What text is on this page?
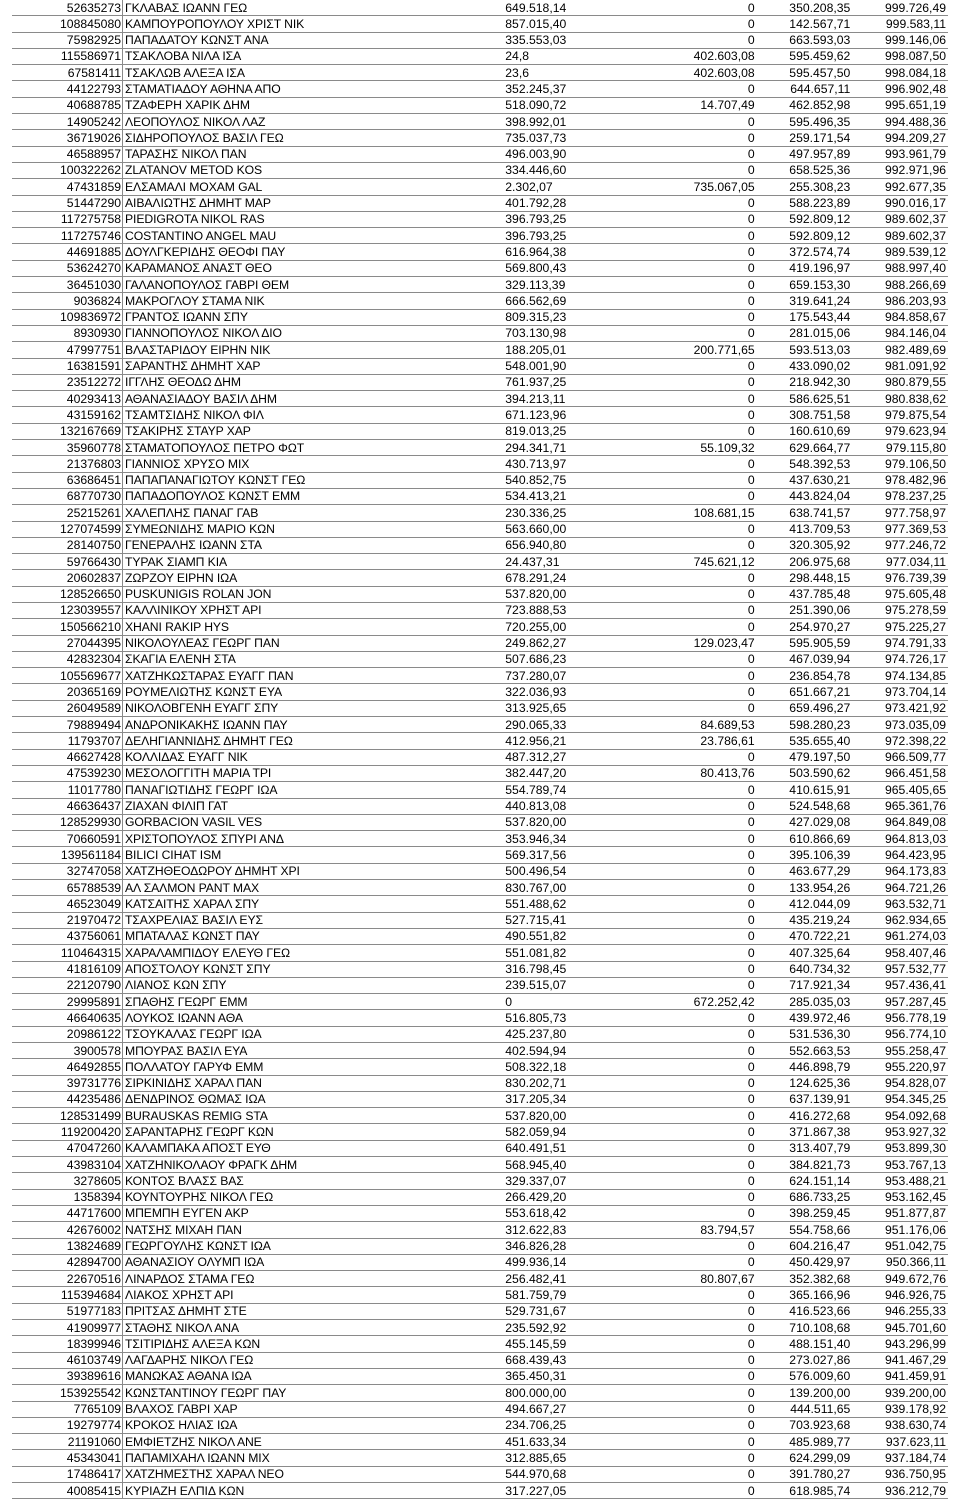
52635273	ΓΚΛΑΒΑΣ ΙΩΑΝΝ ΓΕΩ	649.518,14	0	350.208,35	999.726,49
108845080	ΚΑΜΠΟΥΡΟΠΟΥΛΟΥ ΧΡΙΣΤ ΝΙΚ	857.015,40	0	142.567,71	999.583,11
75982925	ΠΑΠΑΔΑΤΟΥ ΚΩΝΣΤ ΑΝΑ	335.553,03	0	663.593,03	999.146,06
115586971	ΤΣΑΚΛΟΒΑ ΝΙΛΑ ΙΣΑ	24,8	402.603,08	595.459,62	998.087,50
67581411	ΤΣΑΚΛΩΒ ΑΛΕΞΑ ΙΣΑ	23,6	402.603,08	595.457,50	998.084,18
44122793	ΣΤΑΜΑΤΙΑΔΟΥ ΑΘΗΝΑ ΑΠΟ	352.245,37	0	644.657,11	996.902,48
40688785	ΤΖΑΦΕΡΗ ΧΑΡΙΚ ΔΗΜ	518.090,72	14.707,49	462.852,98	995.651,19
14905242	ΛΕΟΠΟΥΛΟΣ ΝΙΚΟΛ ΛΑΖ	398.992,01	0	595.496,35	994.488,36
36719026	ΣΙΔΗΡΟΠΟΥΛΟΣ ΒΑΣΙΛ ΓΕΩ	735.037,73	0	259.171,54	994.209,27
46588957	ΤΑΡΑΣΗΣ ΝΙΚΟΛ ΠΑΝ	496.003,90	0	497.957,89	993.961,79
100322262	ZLATANOV METOD KOS	334.446,60	0	658.525,36	992.971,96
47431859	ΕΛΣΑΜΑΛΙ ΜΟΧΑΜ GAL	2.302,07	735.067,05	255.308,23	992.677,35
51447290	ΑΙΒΑΛΙΩΤΗΣ ΔΗΜΗΤ ΜΑΡ	401.792,28	0	588.223,89	990.016,17
117275758	PIEDIGROTA NIKOL RAS	396.793,25	0	592.809,12	989.602,37
117275746	COSTANTINO ANGEL MAU	396.793,25	0	592.809,12	989.602,37
44691885	ΔΟΥΛΓΚΕΡΙΔΗΣ ΘΕΟΦΙ ΠΑΥ	616.964,38	0	372.574,74	989.539,12
53624270	ΚΑΡΑΜΑΝΟΣ ΑΝΑΣΤ ΘΕΟ	569.800,43	0	419.196,97	988.997,40
36451030	ΓΑΛΑΝΟΠΟΥΛΟΣ ΓΑΒΡΙ ΘΕΜ	329.113,39	0	659.153,30	988.266,69
9036824	ΜΑΚΡΟΓΛΟΥ ΣΤΑΜΑ ΝΙΚ	666.562,69	0	319.641,24	986.203,93
109836972	ΓΡΑΝΤΟΣ ΙΩΑΝΝ ΣΠΥ	809.315,23	0	175.543,44	984.858,67
8930930	ΓΙΑΝΝΟΠΟΥΛΟΣ ΝΙΚΟΛ ΔΙΟ	703.130,98	0	281.015,06	984.146,04
47997751	ΒΛΑΣΤΑΡΙΔΟΥ ΕΙΡΗΝ ΝΙΚ	188.205,01	200.771,65	593.513,03	982.489,69
16381591	ΣΑΡΑΝΤΗΣ ΔΗΜΗΤ ΧΑΡ	548.001,90	0	433.090,02	981.091,92
23512272	ΙΓΓΛΗΣ ΘΕΟΔΩ ΔΗΜ	761.937,25	0	218.942,30	980.879,55
40293413	ΑΘΑΝΑΣΙΑΔΟΥ ΒΑΣΙΛ ΔΗΜ	394.213,11	0	586.625,51	980.838,62
43159162	ΤΣΑΜΤΣΙΔΗΣ ΝΙΚΟΛ ΦΙΛ	671.123,96	0	308.751,58	979.875,54
132167669	ΤΣΑΚΙΡΗΣ ΣΤΑΥΡ ΧΑΡ	819.013,25	0	160.610,69	979.623,94
35960778	ΣΤΑΜΑΤΟΠΟΥΛΟΣ ΠΕΤΡΟ ΦΩΤ	294.341,71	55.109,32	629.664,77	979.115,80
21376803	ΓΙΑΝΝΙΟΣ ΧΡΥΣΟ ΜΙΧ	430.713,97	0	548.392,53	979.106,50
63686451	ΠΑΠΑΠΑΝΑΓΙΩΤΟΥ ΚΩΝΣΤ ΓΕΩ	540.852,75	0	437.630,21	978.482,96
68770730	ΠΑΠΑΔΟΠΟΥΛΟΣ ΚΩΝΣΤ ΕΜΜ	534.413,21	0	443.824,04	978.237,25
25215261	ΧΑΛΕΠΛΗΣ ΠΑΝΑΓ ΓΑΒ	230.336,25	108.681,15	638.741,57	977.758,97
127074599	ΣΥΜΕΩΝΙΔΗΣ ΜΑΡΙΟ ΚΩΝ	563.660,00	0	413.709,53	977.369,53
28140750	ΓΕΝΕΡΑΛΗΣ ΙΩΑΝΝ ΣΤΑ	656.940,80	0	320.305,92	977.246,72
59766430	ΤΥΡΑΚ ΣΙΑΜΠ ΚΙΑ	24.437,31	745.621,12	206.975,68	977.034,11
20602837	ΖΩΡΖΟΥ ΕΙΡΗΝ ΙΩΑ	678.291,24	0	298.448,15	976.739,39
128526650	PUSKUNIGIS ROLAN JON	537.820,00	0	437.785,48	975.605,48
123039557	ΚΑΛΛΙΝΙΚΟΥ ΧΡΗΣΤ ΑΡΙ	723.888,53	0	251.390,06	975.278,59
150566210	ΧΗΑΝΙ RAKIP HYS	720.255,00	0	254.970,27	975.225,27
27044395	ΝΙΚΟΛΟΥΛΕΑΣ ΓΕΩΡΓ ΠΑΝ	249.862,27	129.023,47	595.905,59	974.791,33
42832304	ΣΚΑΓΙΑ ΕΛΕΝΗ ΣΤΑ	507.686,23	0	467.039,94	974.726,17
105569677	ΧΑΤΖΗΚΩΣΤΑΡΑΣ ΕΥΑΓΓ ΠΑΝ	737.280,07	0	236.854,78	974.134,85
20365169	ΡΟΥΜΕΛΙΩΤΗΣ ΚΩΝΣΤ ΕΥΑ	322.036,93	0	651.667,21	973.704,14
26049589	ΝΙΚΟΛΟΒΓΕΝΗ ΕΥΑΓΓ ΣΠΥ	313.925,65	0	659.496,27	973.421,92
79889494	ΑΝΔΡΟΝΙΚΑΚΗΣ ΙΩΑΝΝ ΠΑΥ	290.065,33	84.689,53	598.280,23	973.035,09
11793707	ΔΕΛΗΓΙΑΝΝΙΔΗΣ ΔΗΜΗΤ ΓΕΩ	412.956,21	23.786,61	535.655,40	972.398,22
46627428	ΚΟΛΛΙΔΑΣ ΕΥΑΓΓ ΝΙΚ	487.312,27	0	479.197,50	966.509,77
47539230	ΜΕΣΟΛΟΓΓΙΤΗ ΜΑΡΙΑ ΤΡΙ	382.447,20	80.413,76	503.590,62	966.451,58
11017780	ΠΑΝΑΓΙΩΤΙΔΗΣ ΓΕΩΡΓ ΙΩΑ	554.789,74	0	410.615,91	965.405,65
46636437	ΖΙΑΧΑΝ ΦΙΛΙΠ ΓΑΤ	440.813,08	0	524.548,68	965.361,76
128529930	GORBACION VASIL VES	537.820,00	0	427.029,08	964.849,08
70660591	ΧΡΙΣΤΟΠΟΥΛΟΣ ΣΠΥΡΙ ΑΝΔ	353.946,34	0	610.866,69	964.813,03
139561184	BILICI CIHAT ISM	569.317,56	0	395.106,39	964.423,95
32747058	ΧΑΤΖΗΘΕΟΔΩΡΟΥ ΔΗΜΗΤ ΧΡΙ	500.496,54	0	463.677,29	964.173,83
65788539	ΑΛ ΣΑΛΜΟΝ ΡΑΝΤ ΜΑΧ	830.767,00	0	133.954,26	964.721,26
46523049	ΚΑΤΣΑΙΤΗΣ ΧΑΡΑΛ ΣΠΥ	551.488,62	0	412.044,09	963.532,71
21970472	ΤΣΑΧΡΕΛΙΑΣ ΒΑΣΙΛ ΕΥΣ	527.715,41	0	435.219,24	962.934,65
43756061	ΜΠΑΤΑΛΑΣ ΚΩΝΣΤ ΠΑΥ	490.551,82	0	470.722,21	961.274,03
110464315	ΧΑΡΑΛΑΜΠΙΔΟΥ ΕΛΕΥΘ ΓΕΩ	551.081,82	0	407.325,64	958.407,46
41816109	ΑΠΟΣΤΟΛΟΥ ΚΩΝΣΤ ΣΠΥ	316.798,45	0	640.734,32	957.532,77
22120790	ΛΙΑΝΟΣ ΚΩΝ ΣΠΥ	239.515,07	0	717.921,34	957.436,41
29995891	ΣΠΑΘΗΣ ΓΕΩΡΓ ΕΜΜ	0	672.252,42	285.035,03	957.287,45
46640635	ΛΟΥΚΟΣ ΙΩΑΝΝ ΑΘΑ	516.805,73	0	439.972,46	956.778,19
20986122	ΤΣΟΥΚΑΛΑΣ ΓΕΩΡΓ ΙΩΑ	425.237,80	0	531.536,30	956.774,10
3900578	ΜΠΟΥΡΑΣ ΒΑΣΙΛ ΕΥΑ	402.594,94	0	552.663,53	955.258,47
46492855	ΠΟΛΛΑΤΟΥ ΓΑΡΥΦ ΕΜΜ	508.322,18	0	446.898,79	955.220,97
39731776	ΣΙΡΚΙΝΙΔΗΣ ΧΑΡΑΛ ΠΑΝ	830.202,71	0	124.625,36	954.828,07
44235486	ΔΕΝΔΡΙΝΟΣ ΘΩΜΑΣ ΙΩΑ	317.205,34	0	637.139,91	954.345,25
128531499	BURAUSKAS REMIG STA	537.820,00	0	416.272,68	954.092,68
119200420	ΣΑΡΑΝΤΑΡΗΣ ΓΕΩΡΓ ΚΩΝ	582.059,94	0	371.867,38	953.927,32
47047260	ΚΑΛΑΜΠΑΚΑ ΑΠΟΣΤ ΕΥΘ	640.491,51	0	313.407,79	953.899,30
43983104	ΧΑΤΖΗΝΙΚΟΛΑΟΥ ΦΡΑΓΚ ΔΗΜ	568.945,40	0	384.821,73	953.767,13
3278605	ΚΟΝΤΟΣ ΒΛΑΣΣ ΒΑΣ	329.337,07	0	624.151,14	953.488,21
1358394	ΚΟΥΝΤΟΥΡΗΣ ΝΙΚΟΛ ΓΕΩ	266.429,20	0	686.733,25	953.162,45
44717600	ΜΠΕΜΠΗ ΕΥΓΕΝ ΑΚΡ	553.618,42	0	398.259,45	951.877,87
42676002	ΝΑΤΣΗΣ ΜΙΧΑΗ ΠΑΝ	312.622,83	83.794,57	554.758,66	951.176,06
13824689	ΓΕΩΡΓΟΥΛΗΣ ΚΩΝΣΤ ΙΩΑ	346.826,28	0	604.216,47	951.042,75
42894700	ΑΘΑΝΑΣΙΟΥ ΟΛΥΜΠ ΙΩΑ	499.936,14	0	450.429,97	950.366,11
22670516	ΛΙΝΑΡΔΟΣ ΣΤΑΜΑ ΓΕΩ	256.482,41	80.807,67	352.382,68	949.672,76
115394684	ΛΙΑΚΟΣ ΧΡΗΣΤ ΑΡΙ	581.759,79	0	365.166,96	946.926,75
51977183	ΠΡΙΤΣΑΣ ΔΗΜΗΤ ΣΤΕ	529.731,67	0	416.523,66	946.255,33
41909977	ΣΤΑΘΗΣ ΝΙΚΟΛ ΑΝΑ	235.592,92	0	710.108,68	945.701,60
18399946	ΤΣΙΤΙΡΙΔΗΣ ΑΛΕΞΑ ΚΩΝ	455.145,59	0	488.151,40	943.296,99
46103749	ΛΑΓΔΑΡΗΣ ΝΙΚΟΛ ΓΕΩ	668.439,43	0	273.027,86	941.467,29
39389616	ΜΑΝΩΚΑΣ ΑΘΑΝΑ ΙΩΑ	365.450,31	0	576.009,60	941.459,91
153925542	ΚΩΝΣΤΑΝΤΙΝΟΥ ΓΕΩΡΓ ΠΑΥ	800.000,00	0	139.200,00	939.200,00
7765109	ΒΛΑΧΟΣ ΓΑΒΡΙ ΧΑΡ	494.667,27	0	444.511,65	939.178,92
19279774	ΚΡΟΚΟΣ ΗΛΙΑΣ ΙΩΑ	234.706,25	0	703.923,68	938.630,74
21191060	ΕΜΦΙΕΤΖΗΣ ΝΙΚΟΛ ΑΝΕ	451.633,34	0	485.989,77	937.623,11
45343041	ΠΑΠΑΜΙΧΑΗΛ ΙΩΑΝΝ ΜΙΧ	312.885,65	0	624.299,09	937.184,74
17486417	ΧΑΤΖΗΜΕΣΤΗΣ ΧΑΡΑΛ ΝΕΟ	544.970,68	0	391.780,27	936.750,95
40085415	ΚΥΡΙΑΖΗ ΕΛΠΙΔ ΚΩΝ	317.227,05	0	618.985,74	936.212,79
